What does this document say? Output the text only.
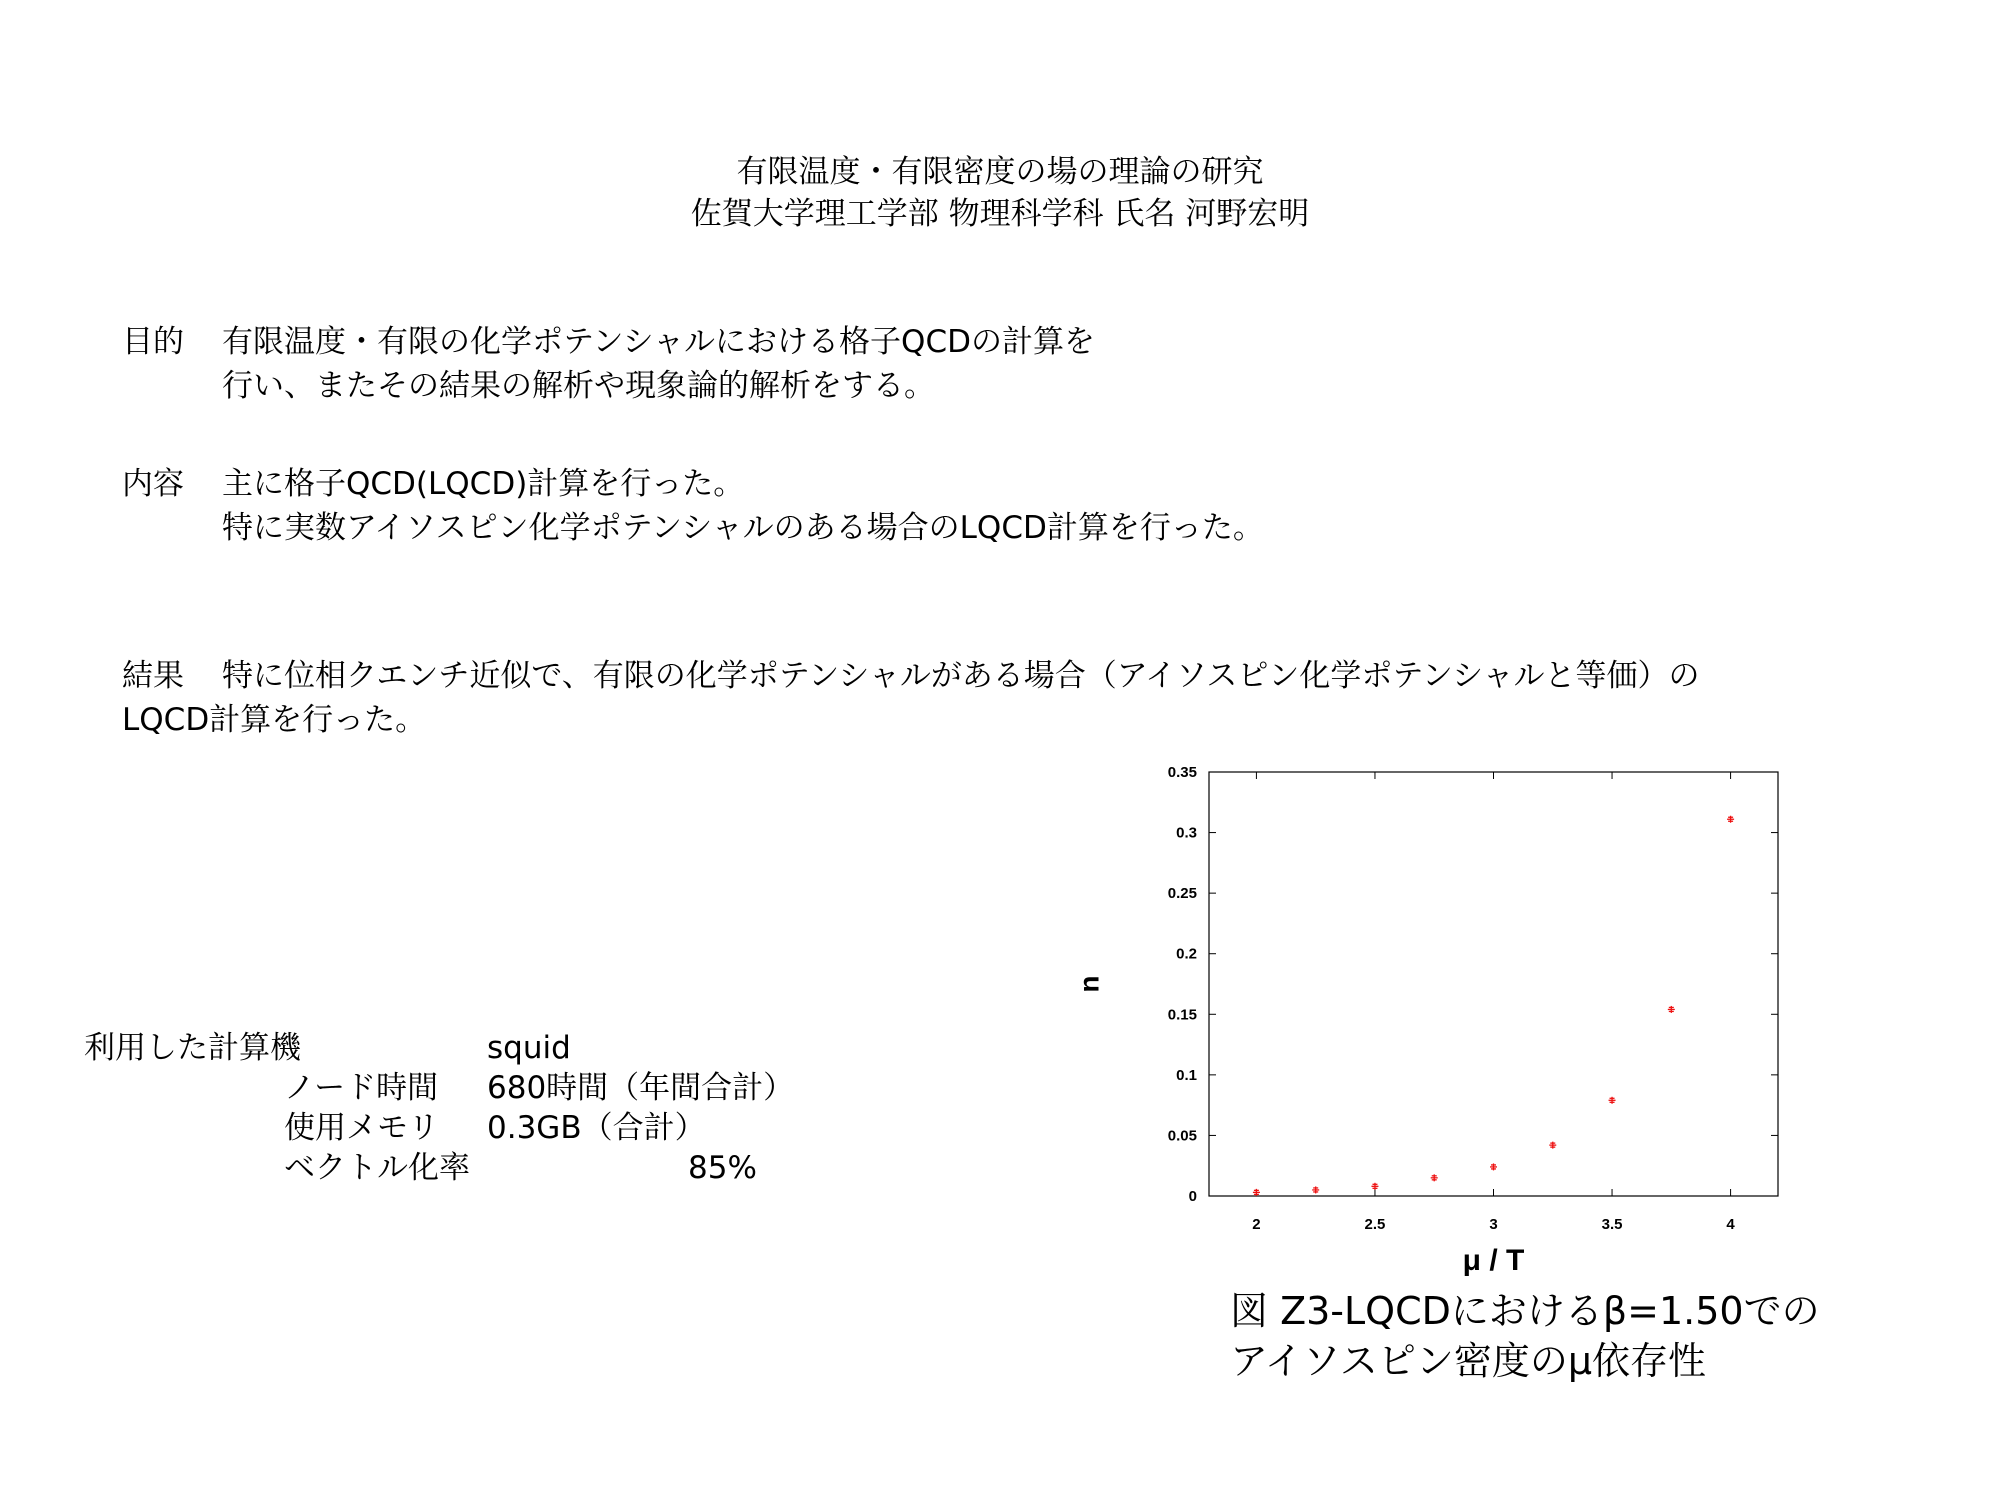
有限温度・有限密度の場の理論の研究
佐賀大学理工学部 物理科学科 氏名 河野宏明
目的 有限温度・有限の化学ポテンシャルにおける格子QCDの計算を
行い、またその結果の解析や現象論的解析をする。
内容 主に格子QCD(LQCD)計算を行った。
特に実数アイソスピン化学ポテンシャルのある場合のLQCD計算を行った。
結果 特に位相クエンチ近似で、有限の化学ポテンシャルがある場合（アイソスピン化学ポテンシャルと等価）の
LQCD計算を行った。
利用した計算機	squid
ノード時間 680時間（年間合計）
使用メモリ 0.3GB（合計）
ベクトル化率	85%
2	2.5	3	3.5	4
0
0.05
0.1
0.15
0.2
0.25
0.3
0.35
μ / T
n
図 Z3-LQCDにおけるβ=1.50での
アイソスピン密度のμ依存性
